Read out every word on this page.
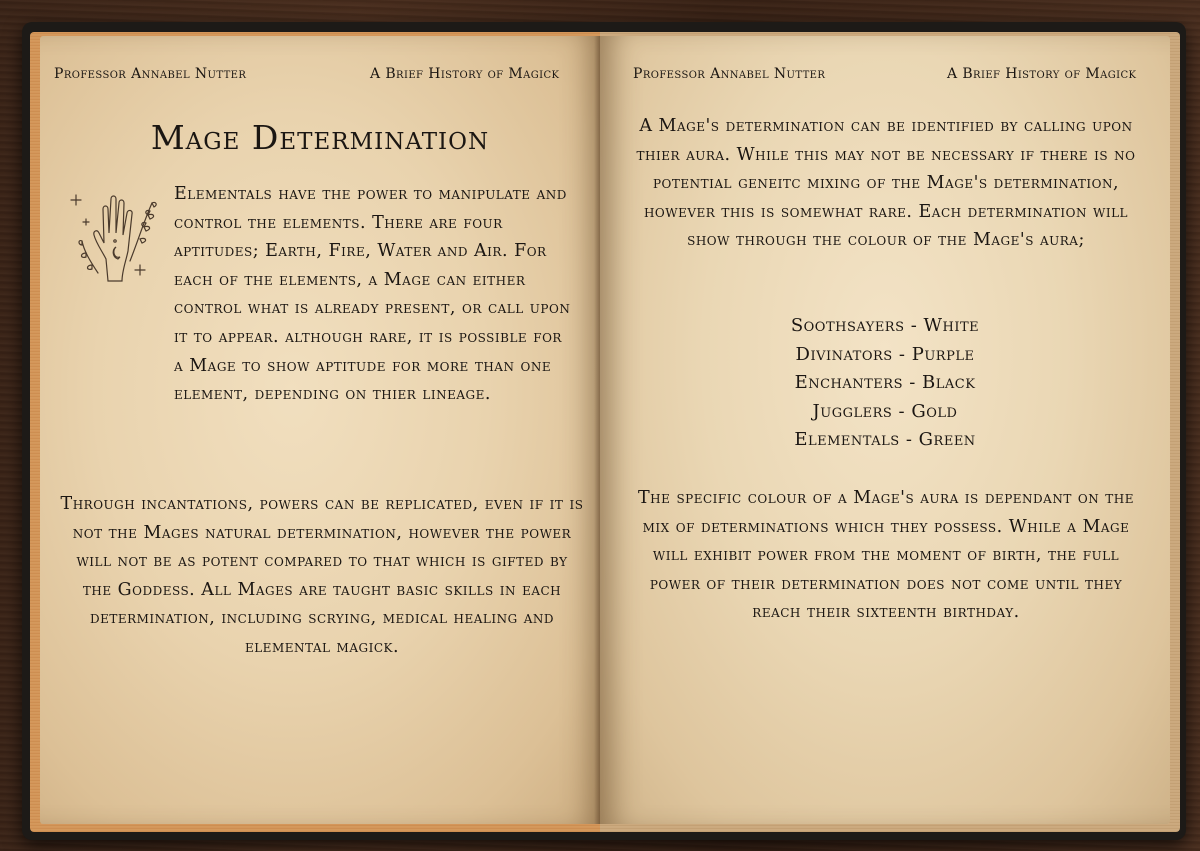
Professor Annabel Nutter	A Brief History of Magick
Mage Determination

Elementals have the power to manipulate and control the elements. There are four aptitudes; Earth, Fire, Water and Air. For each of the elements, a Mage can either control what is already present, or call upon it to appear. although rare, it is possible for a Mage to show aptitude for more than one element, depending on thier lineage.

Through incantations, powers can be replicated, even if it is not the Mages natural determination, however the power will not be as potent compared to that which is gifted by the Goddess. All Mages are taught basic skills in each determination, including scrying, medical healing and elemental magick.

Professor Annabel Nutter	A Brief History of Magick

A Mage's determination can be identified by calling upon thier aura. While this may not be necessary if there is no potential geneitc mixing of the Mage's determination, however this is somewhat rare. Each determination will show through the colour of the Mage's aura;

Soothsayers - White
Divinators - Purple
Enchanters - Black
Jugglers - Gold
Elementals - Green

The specific colour of a Mage's aura is dependant on the mix of determinations which they possess. While a Mage will exhibit power from the moment of birth, the full power of their determination does not come until they reach their sixteenth birthday.
